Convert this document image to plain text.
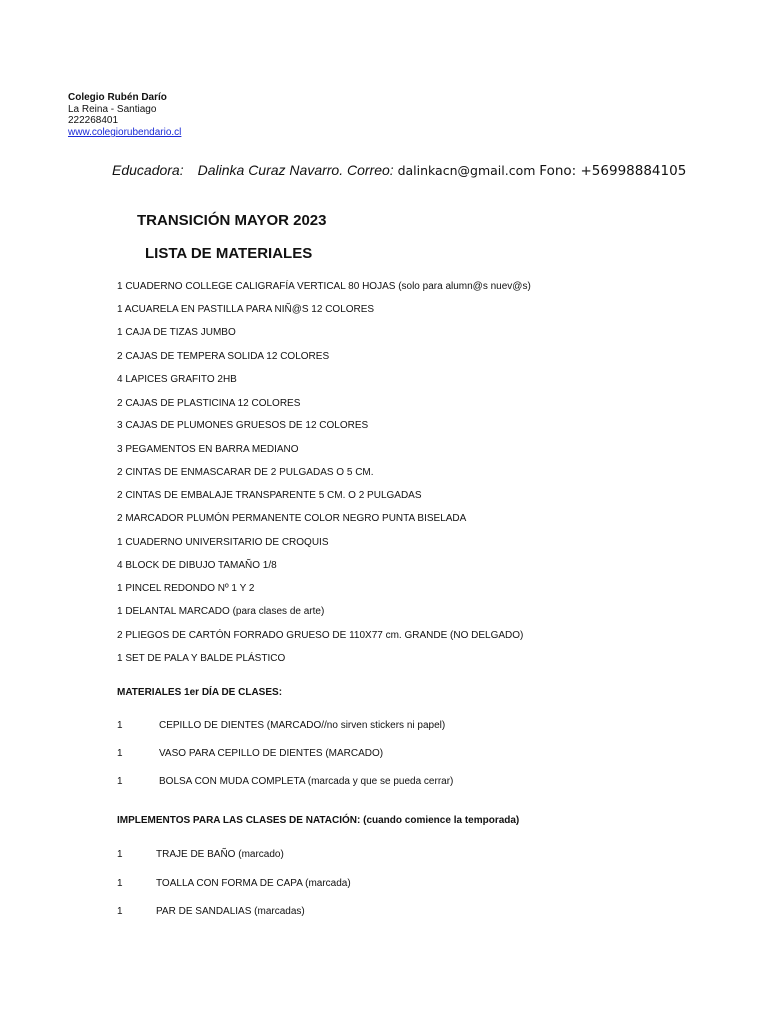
Colegio Rubén Darío
La Reina - Santiago
222268401
www.colegiorubendario.cl
Educadora: Dalinka Curaz Navarro. Correo: dalinkacn@gmail.com Fono: +56998884105
TRANSICIÓN MAYOR 2023
LISTA DE MATERIALES
1 CUADERNO COLLEGE CALIGRAFÍA VERTICAL 80 HOJAS (solo para alumn@s nuev@s)
1 ACUARELA EN PASTILLA PARA NIÑ@S 12 COLORES
1 CAJA DE TIZAS JUMBO
2 CAJAS DE TEMPERA SOLIDA 12 COLORES
4 LAPICES GRAFITO 2HB
2 CAJAS DE PLASTICINA 12 COLORES
3 CAJAS DE PLUMONES GRUESOS DE 12 COLORES
3 PEGAMENTOS EN BARRA MEDIANO
2 CINTAS DE ENMASCARAR DE 2 PULGADAS O 5 CM.
2 CINTAS DE EMBALAJE TRANSPARENTE 5 CM. O 2 PULGADAS
2 MARCADOR PLUMÓN PERMANENTE COLOR NEGRO PUNTA BISELADA
1 CUADERNO UNIVERSITARIO DE CROQUIS
4 BLOCK DE DIBUJO TAMAÑO 1/8
1 PINCEL REDONDO Nº 1 Y 2
1 DELANTAL MARCADO (para clases de arte)
2 PLIEGOS DE CARTÓN FORRADO GRUESO DE 110X77 cm. GRANDE (NO DELGADO)
1 SET DE PALA Y BALDE PLÁSTICO
MATERIALES 1er DÍA DE CLASES:
1	CEPILLO DE DIENTES (MARCADO//no sirven stickers ni papel)
1	VASO PARA CEPILLO DE DIENTES (MARCADO)
1	BOLSA CON MUDA COMPLETA (marcada y que se pueda cerrar)
IMPLEMENTOS PARA LAS CLASES DE NATACIÓN: (cuando comience la temporada)
1	TRAJE DE BAÑO (marcado)
1	TOALLA CON FORMA DE CAPA (marcada)
1	PAR DE SANDALIAS (marcadas)
